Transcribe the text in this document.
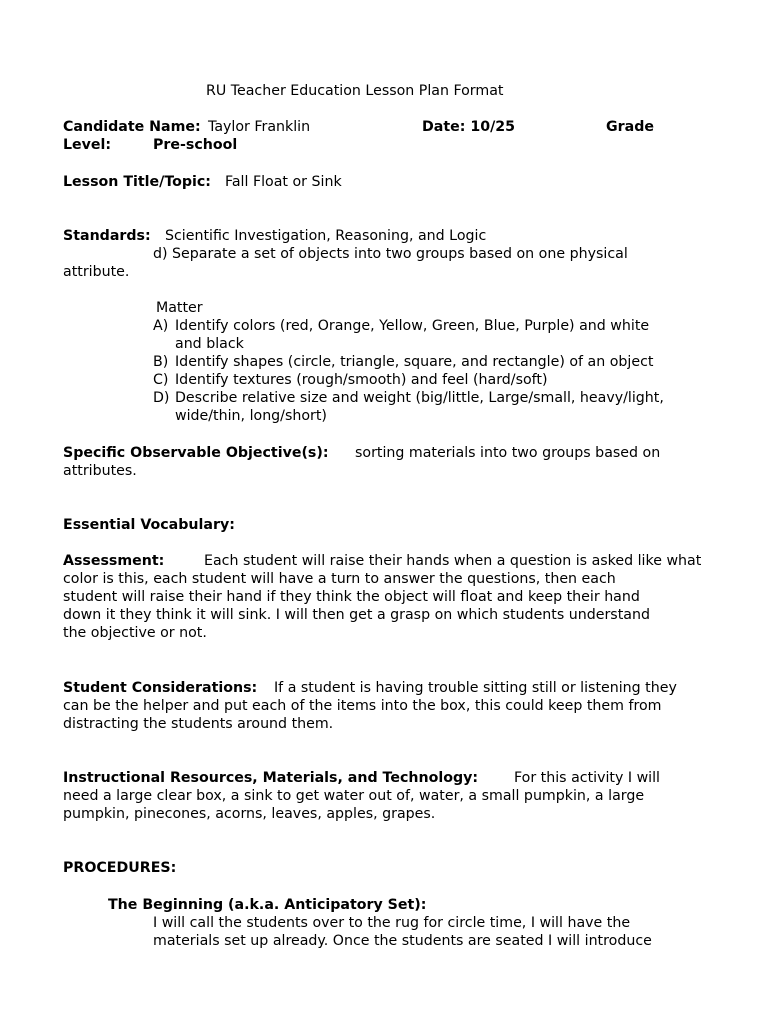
RU Teacher Education Lesson Plan Format
Candidate Name: Taylor Franklin	Date: 10/25	Grade
Level:	Pre-school
Lesson Title/Topic: Fall Float or Sink
Standards: Scientific Investigation, Reasoning, and Logic
d) Separate a set of objects into two groups based on one physical
attribute.
Matter
A) Identify colors (red, Orange, Yellow, Green, Blue, Purple) and white
and black
B) Identify shapes (circle, triangle, square, and rectangle) of an object
C) Identify textures (rough/smooth) and feel (hard/soft)
D) Describe relative size and weight (big/little, Large/small, heavy/light,
wide/thin, long/short)
Specific Observable Objective(s): sorting materials into two groups based on
attributes.
Essential Vocabulary:
Assessment:	Each student will raise their hands when a question is asked like what
color is this, each student will have a turn to answer the questions, then each
student will raise their hand if they think the object will float and keep their hand
down it they think it will sink. I will then get a grasp on which students understand
the objective or not.
Student Considerations: If a student is having trouble sitting still or listening they
can be the helper and put each of the items into the box, this could keep them from
distracting the students around them.
Instructional Resources, Materials, and Technology:	For this activity I will
need a large clear box, a sink to get water out of, water, a small pumpkin, a large
pumpkin, pinecones, acorns, leaves, apples, grapes.
PROCEDURES:
The Beginning (a.k.a. Anticipatory Set):
I will call the students over to the rug for circle time, I will have the
materials set up already. Once the students are seated I will introduce
